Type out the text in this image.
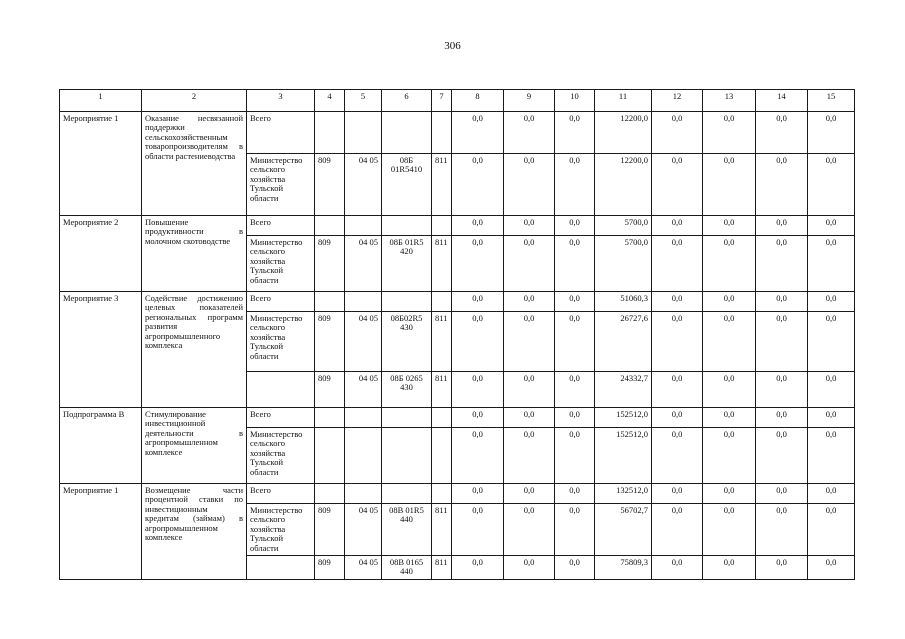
306
1	2	3	4	5	6	7	8	9	10	11	12	13	14	15
Мероприятие 1	Оказание несвязанной поддержки сельскохозяйственным товаропроизводителям в области растениеводства	Всего					0,0	0,0	0,0	12200,0	0,0	0,0	0,0	0,0
		Министерство сельского хозяйства Тульской области	809	04 05	08Б 01R5410	811	0,0	0,0	0,0	12200,0	0,0	0,0	0,0	0,0
Мероприятие 2	Повышение продуктивности в молочном скотоводстве	Всего					0,0	0,0	0,0	5700,0	0,0	0,0	0,0	0,0
		Министерство сельского хозяйства Тульской области	809	04 05	08Б 01R5 420	811	0,0	0,0	0,0	5700,0	0,0	0,0	0,0	0,0
Мероприятие 3	Содействие достижению целевых показателей региональных программ развития агропромышленного комплекса	Всего					0,0	0,0	0,0	51060,3	0,0	0,0	0,0	0,0
		Министерство сельского хозяйства Тульской области	809	04 05	08Б02R5 430	811	0,0	0,0	0,0	26727,6	0,0	0,0	0,0	0,0
			809	04 05	08Б 0265 430	811	0,0	0,0	0,0	24332,7	0,0	0,0	0,0	0,0
Подпрограмма В	Стимулирование инвестиционной деятельности в агропромышленном комплексе	Всего					0,0	0,0	0,0	152512,0	0,0	0,0	0,0	0,0
		Министерство сельского хозяйства Тульской области					0,0	0,0	0,0	152512,0	0,0	0,0	0,0	0,0
Мероприятие 1	Возмещение части процентной ставки по инвестиционным кредитам (займам) в агропромышленном комплексе	Всего					0,0	0,0	0,0	132512,0	0,0	0,0	0,0	0,0
		Министерство сельского хозяйства Тульской области	809	04 05	08В 01R5 440	811	0,0	0,0	0,0	56702,7	0,0	0,0	0,0	0,0
			809	04 05	08В 0165 440	811	0,0	0,0	0,0	75809,3	0,0	0,0	0,0	0,0
